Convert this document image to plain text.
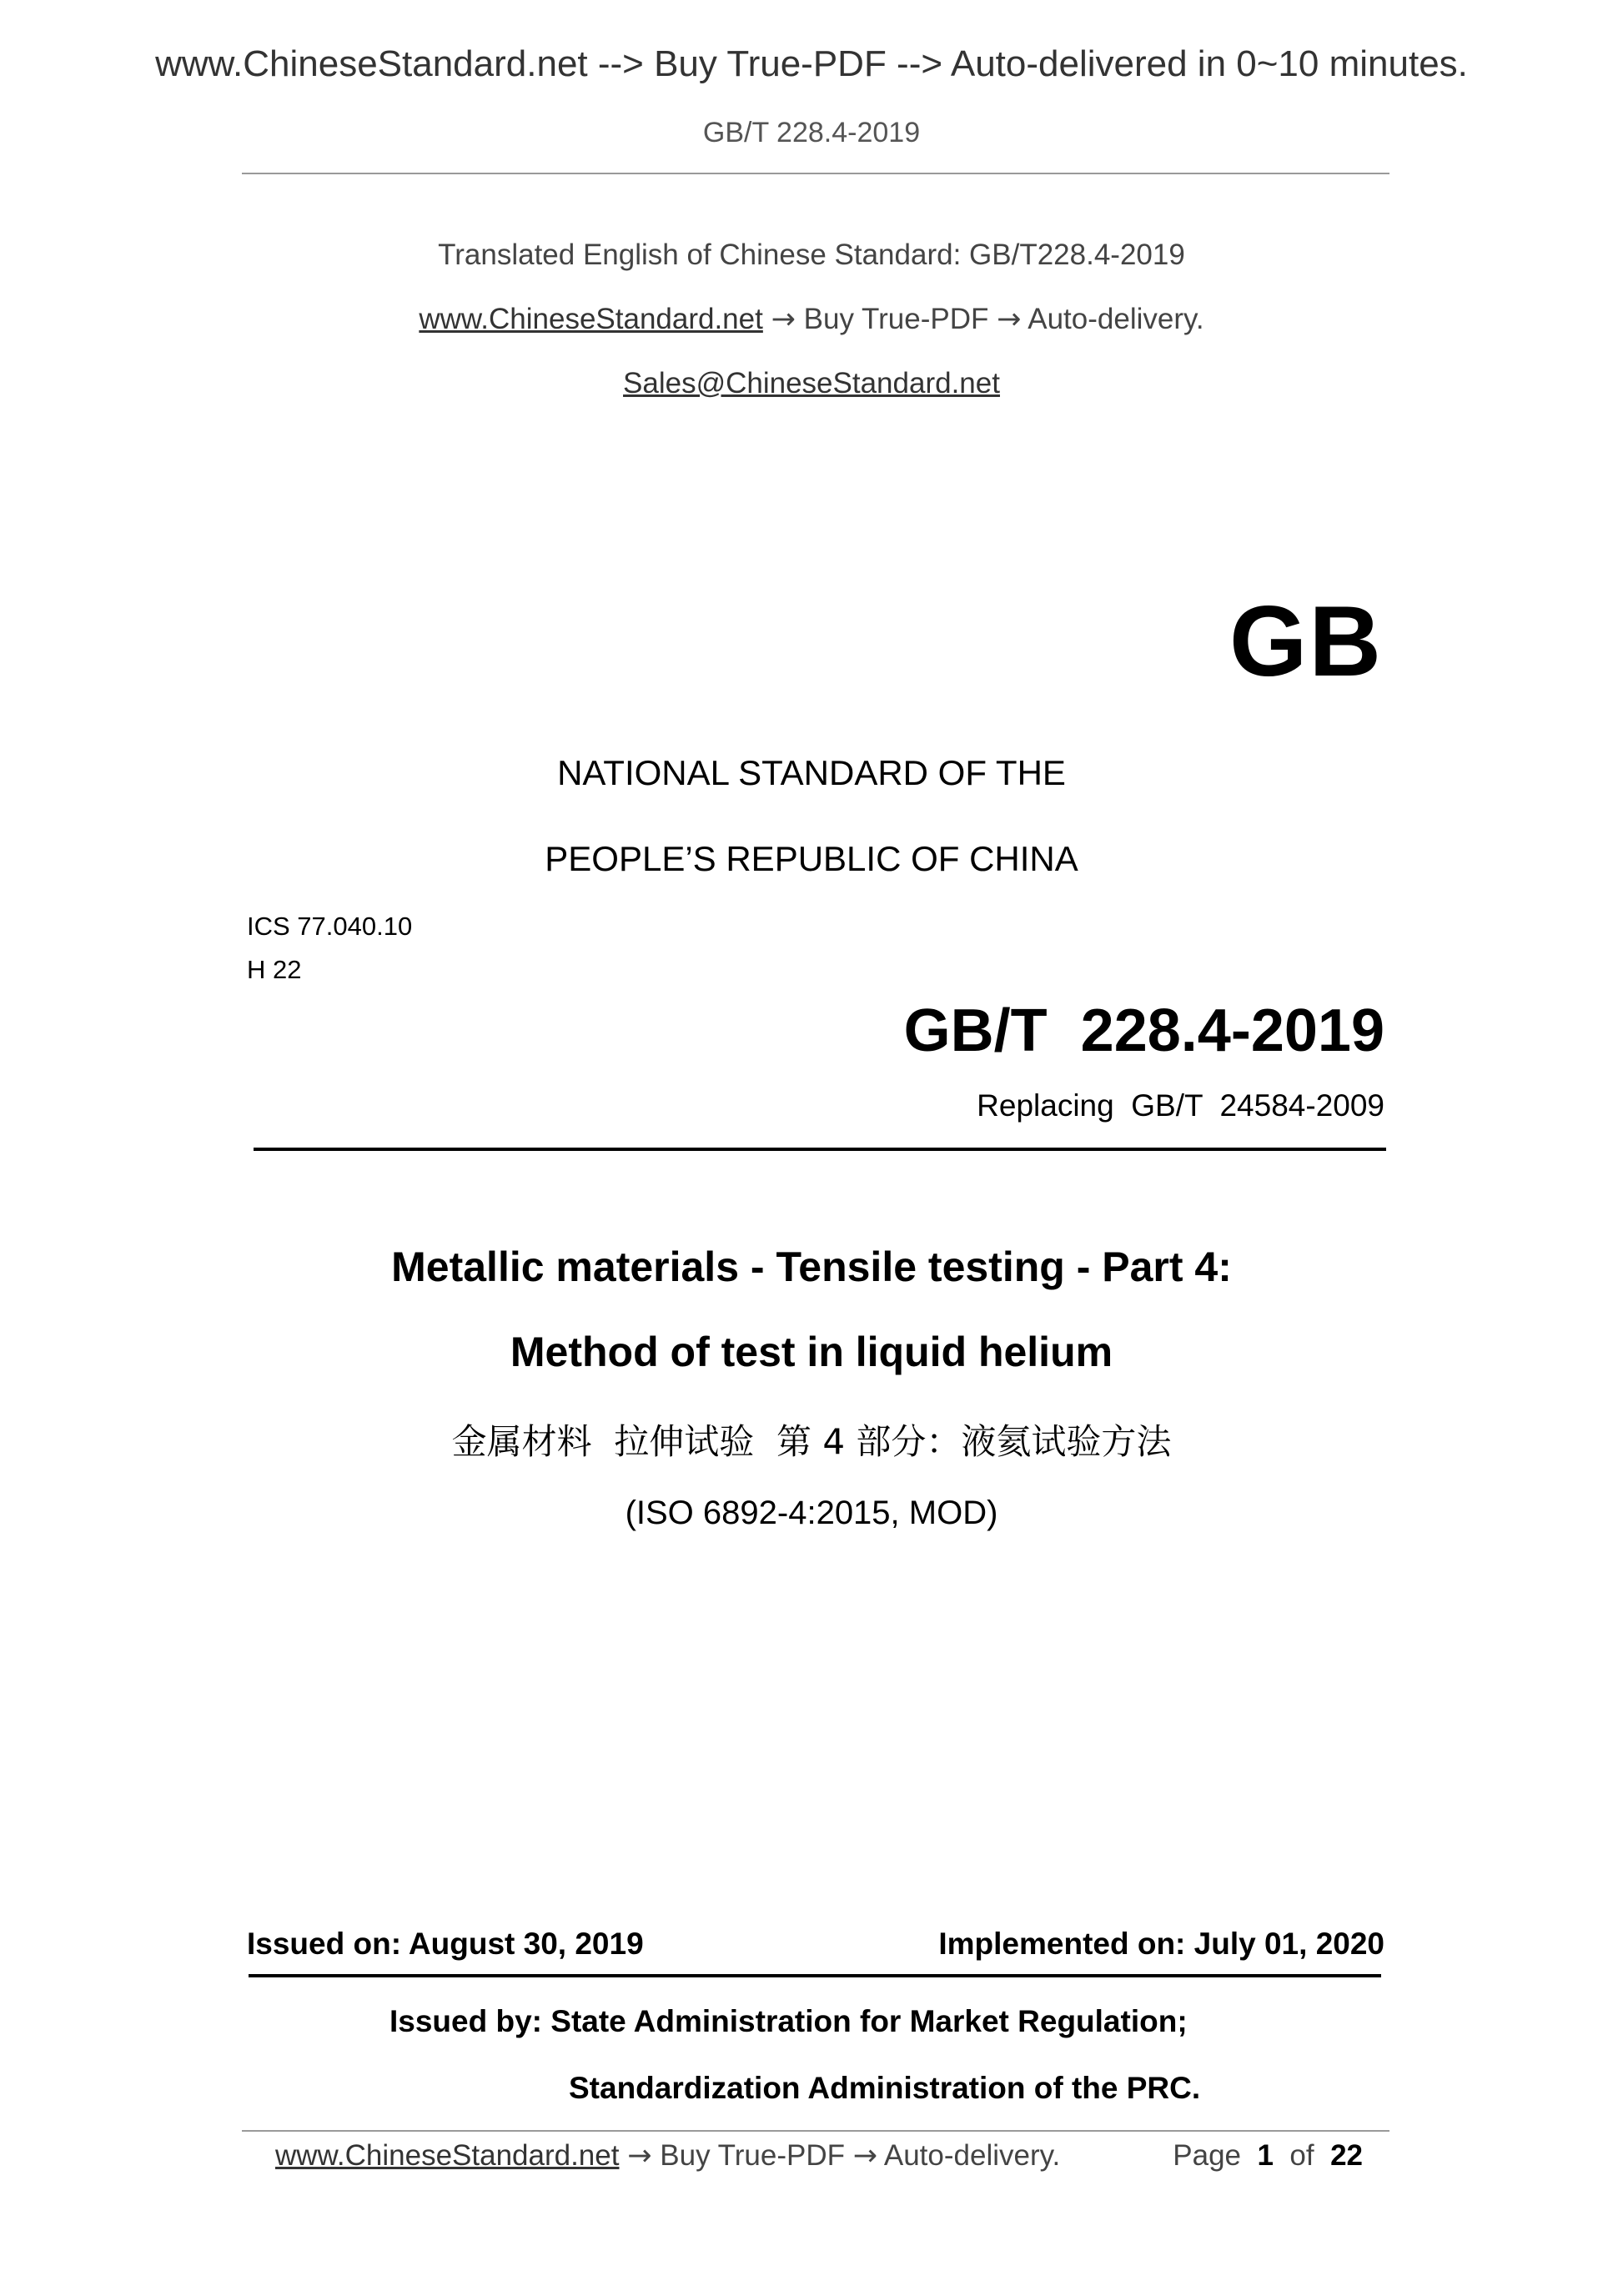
www.ChineseStandard.net --> Buy True-PDF --> Auto-delivered in 0~10 minutes.
GB/T 228.4-2019
Translated English of Chinese Standard: GB/T228.4-2019
www.ChineseStandard.net → Buy True-PDF → Auto-delivery.
Sales@ChineseStandard.net
GB
NATIONAL STANDARD OF THE
PEOPLE’S REPUBLIC OF CHINA
ICS 77.040.10
H 22
GB/T  228.4-2019
Replacing  GB/T  24584-2009
Metallic materials - Tensile testing - Part 4:
Method of test in liquid helium
金属材料  拉伸试验  第 4 部分：液氦试验方法
(ISO 6892-4:2015, MOD)
Issued on: August 30, 2019	Implemented on: July 01, 2020
Issued by: State Administration for Market Regulation;
Standardization Administration of the PRC.
www.ChineseStandard.net → Buy True-PDF → Auto-delivery.	Page 1 of 22
